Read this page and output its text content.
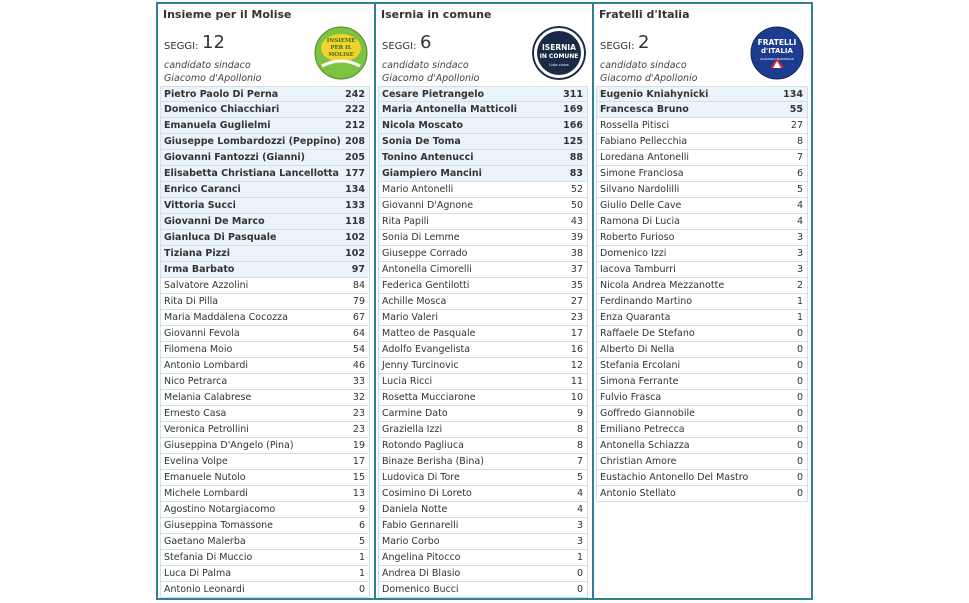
Insieme per il Molise
SEGGI: 12
candidato sindaco
Giacomo d'Apollonio
INSIEME
PER IL
MOLISE
Pietro Paolo Di Perna	242
Domenico Chiacchiari	222
Emanuela Guglielmi	212
Giuseppe Lombardozzi (Peppino) 208
Giovanni Fantozzi (Gianni)	205
Elisabetta Christiana Lancellotta 177
Enrico Caranci	134
Vittoria Succi	133
Giovanni De Marco	118
Gianluca Di Pasquale	102
Tiziana Pizzi	102
Irma Barbato	97
Salvatore Azzolini	84
Rita Di Pilla	79
Maria Maddalena Cocozza	67
Giovanni Fevola	64
Filomena Moio	54
Antonio Lombardi	46
Nico Petrarca	33
Melania Calabrese	32
Ernesto Casa	23
Veronica Petrollini	23
Giuseppina D'Angelo (Pina)	19
Evelina Volpe	17
Emanuele Nutolo	15
Michele Lombardi	13
Agostino Notargiacomo	9
Giuseppina Tomassone	6
Gaetano Malerba	5
Stefania Di Muccio	1
Luca Di Palma	1
Antonio Leonardi	0
Isernia in comune
SEGGI: 6
candidato sindaco
Giacomo d'Apollonio
ISERNIA
IN COMUNE
Lista civica
Cesare Pietrangelo	311
Maria Antonella Matticoli	169
Nicola Moscato	166
Sonia De Toma	125
Tonino Antenucci	88
Giampiero Mancini	83
Mario Antonelli	52
Giovanni D'Agnone	50
Rita Papili	43
Sonia Di Lemme	39
Giuseppe Corrado	38
Antonella Cimorelli	37
Federica Gentilotti	35
Achille Mosca	27
Mario Valeri	23
Matteo de Pasquale	17
Adolfo Evangelista	16
Jenny Turcinovic	12
Lucia Ricci	11
Rosetta Mucciarone	10
Carmine Dato	9
Graziella Izzi	8
Rotondo Pagliuca	8
Binaze Berisha (Bina)	7
Ludovica Di Tore	5
Cosimino Di Loreto	4
Daniela Notte	4
Fabio Gennarelli	3
Mario Corbo	3
Angelina Pitocco	1
Andrea Di Blasio	0
Domenico Bucci	0
Fratelli d'Italia
SEGGI: 2
candidato sindaco
Giacomo d'Apollonio
FRATELLI
d'ITALIA
ALLEANZA NAZIONALE
Eugenio Kniahynicki	134
Francesca Bruno	55
Rossella Pitisci	27
Fabiano Pellecchia	8
Loredana Antonelli	7
Simone Franciosa	6
Silvano Nardolilli	5
Giulio Delle Cave	4
Ramona Di Lucia	4
Roberto Furioso	3
Domenico Izzi	3
Iacova Tamburri	3
Nicola Andrea Mezzanotte	2
Ferdinando Martino	1
Enza Quaranta	1
Raffaele De Stefano	0
Alberto Di Nella	0
Stefania Ercolani	0
Simona Ferrante	0
Fulvio Frasca	0
Goffredo Giannobile	0
Emiliano Petrecca	0
Antonella Schiazza	0
Christian Amore	0
Eustachio Antonello Del Mastro	0
Antonio Stellato	0
